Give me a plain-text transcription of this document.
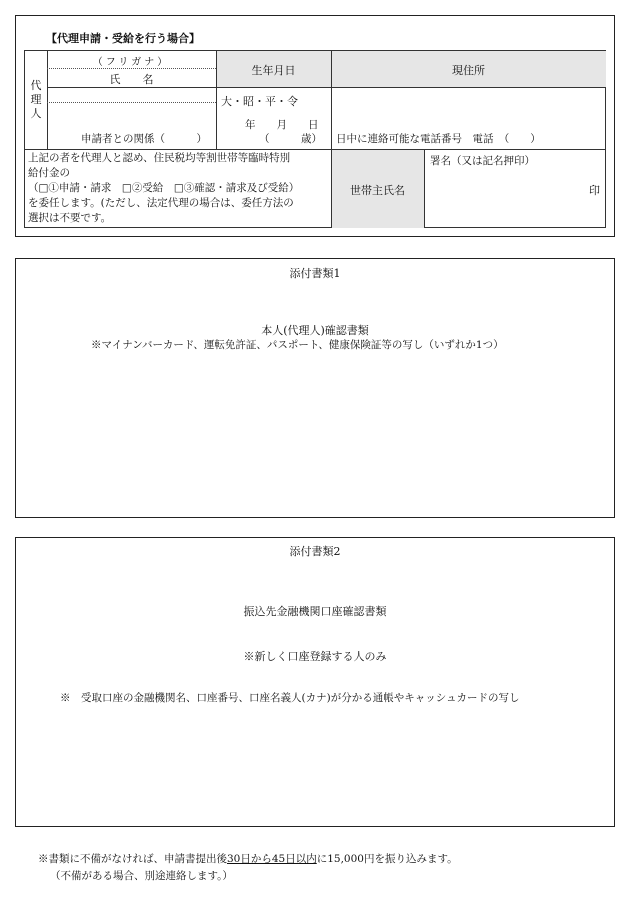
【代理申請・受給を行う場合】
代
理
人
（フリガナ）
氏　　名
生年月日	現住所
申請者との関係（　　　）
大・昭・平・令
年　　月　　日
（　　　歳） 日中に連絡可能な電話番号　電話　（　　）
上記の者を代理人と認め、住民税均等割世帯等臨時特別
給付金の
（□①申請・請求　□②受給　□③確認・請求及び受給）
を委任します。(ただし、法定代理の場合は、委任方法の
選択は不要です。
世帯主氏名
署名（又は記名押印）
印
添付書類1
本人(代理人)確認書類
※マイナンバーカード、運転免許証、パスポート、健康保険証等の写し（いずれか1つ）
添付書類2
振込先金融機関口座確認書類
※新しく口座登録する人のみ
※　受取口座の金融機関名、口座番号、口座名義人(カナ)が分かる通帳やキャッシュカードの写し
※書類に不備がなければ、申請書提出後30日から45日以内に15,000円を振り込みます。
（不備がある場合、別途連絡します。）
